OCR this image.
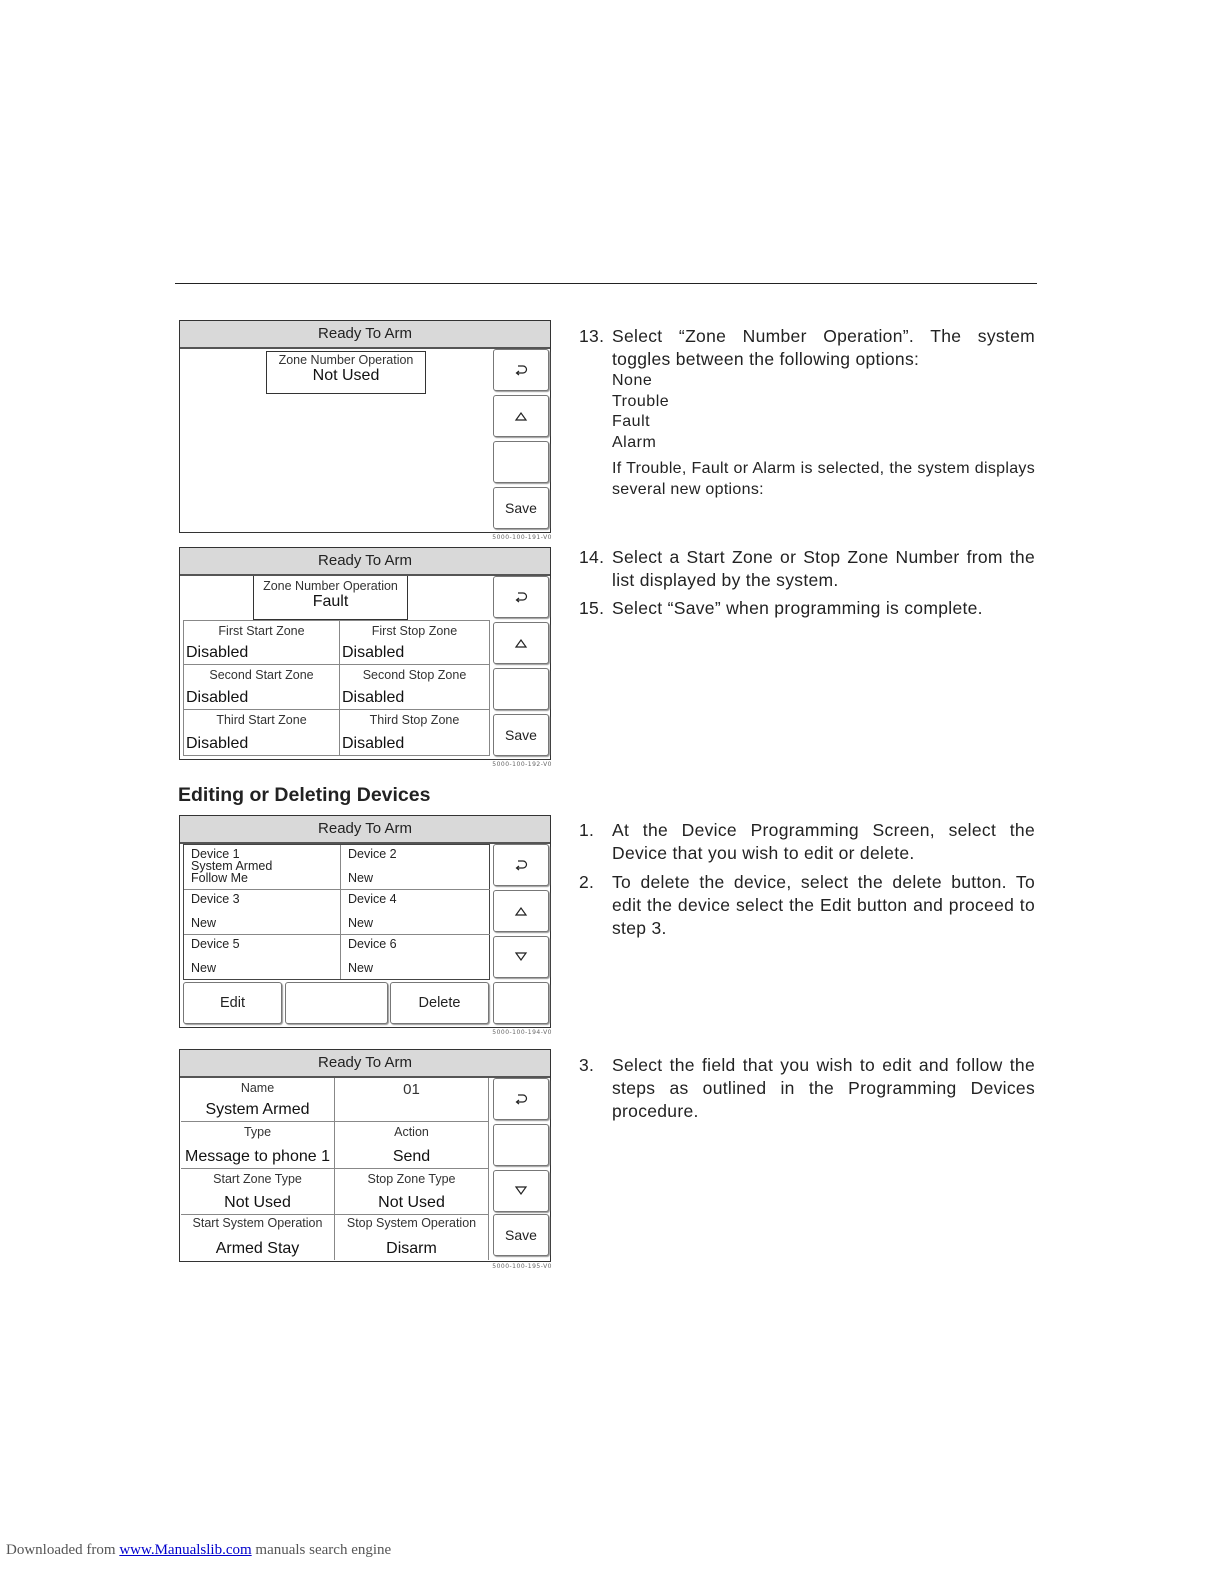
Ready To Arm
Zone Number Operation
Not Used
Save
5000-100-191-V0
Ready To Arm
Zone Number Operation
Fault
First Start Zone
Disabled
First Stop Zone
Disabled
Second Start Zone
Disabled
Second Stop Zone
Disabled
Third Start Zone
Disabled
Third Stop Zone
Disabled	Save
5000-100-192-V0
Editing or Deleting Devices
Ready To Arm
Device 1
System Armed
Follow Me
Device 2
New
Device 3
New
Device 4
New
Device 5
New
Device 6
New
Edit	Delete
5000-100-194-V0
Ready To Arm
Name
System Armed
01
Type
Message to phone 1
Action
Send
Start Zone Type
Not Used
Stop Zone Type
Not Used
Start System Operation
Armed Stay
Stop System Operation
Disarm
Save
5000-100-195-V0

13. Select “Zone Number Operation”. The system toggles between the following options:

None
Trouble
Fault
Alarm
If Trouble, Fault or Alarm is selected, the system displays several new options:

14. Select a Start Zone or Stop Zone Number from the list displayed by the system.

15. Select “Save” when programming is complete.

1. At the Device Programming Screen, select the Device that you wish to edit or delete.

2. To delete the device, select the delete button. To edit the device select the Edit button and proceed to step 3.

3. Select the field that you wish to edit and follow the steps as outlined in the Programming Devices procedure.

Downloaded from www.Manualslib.com manuals search engine
